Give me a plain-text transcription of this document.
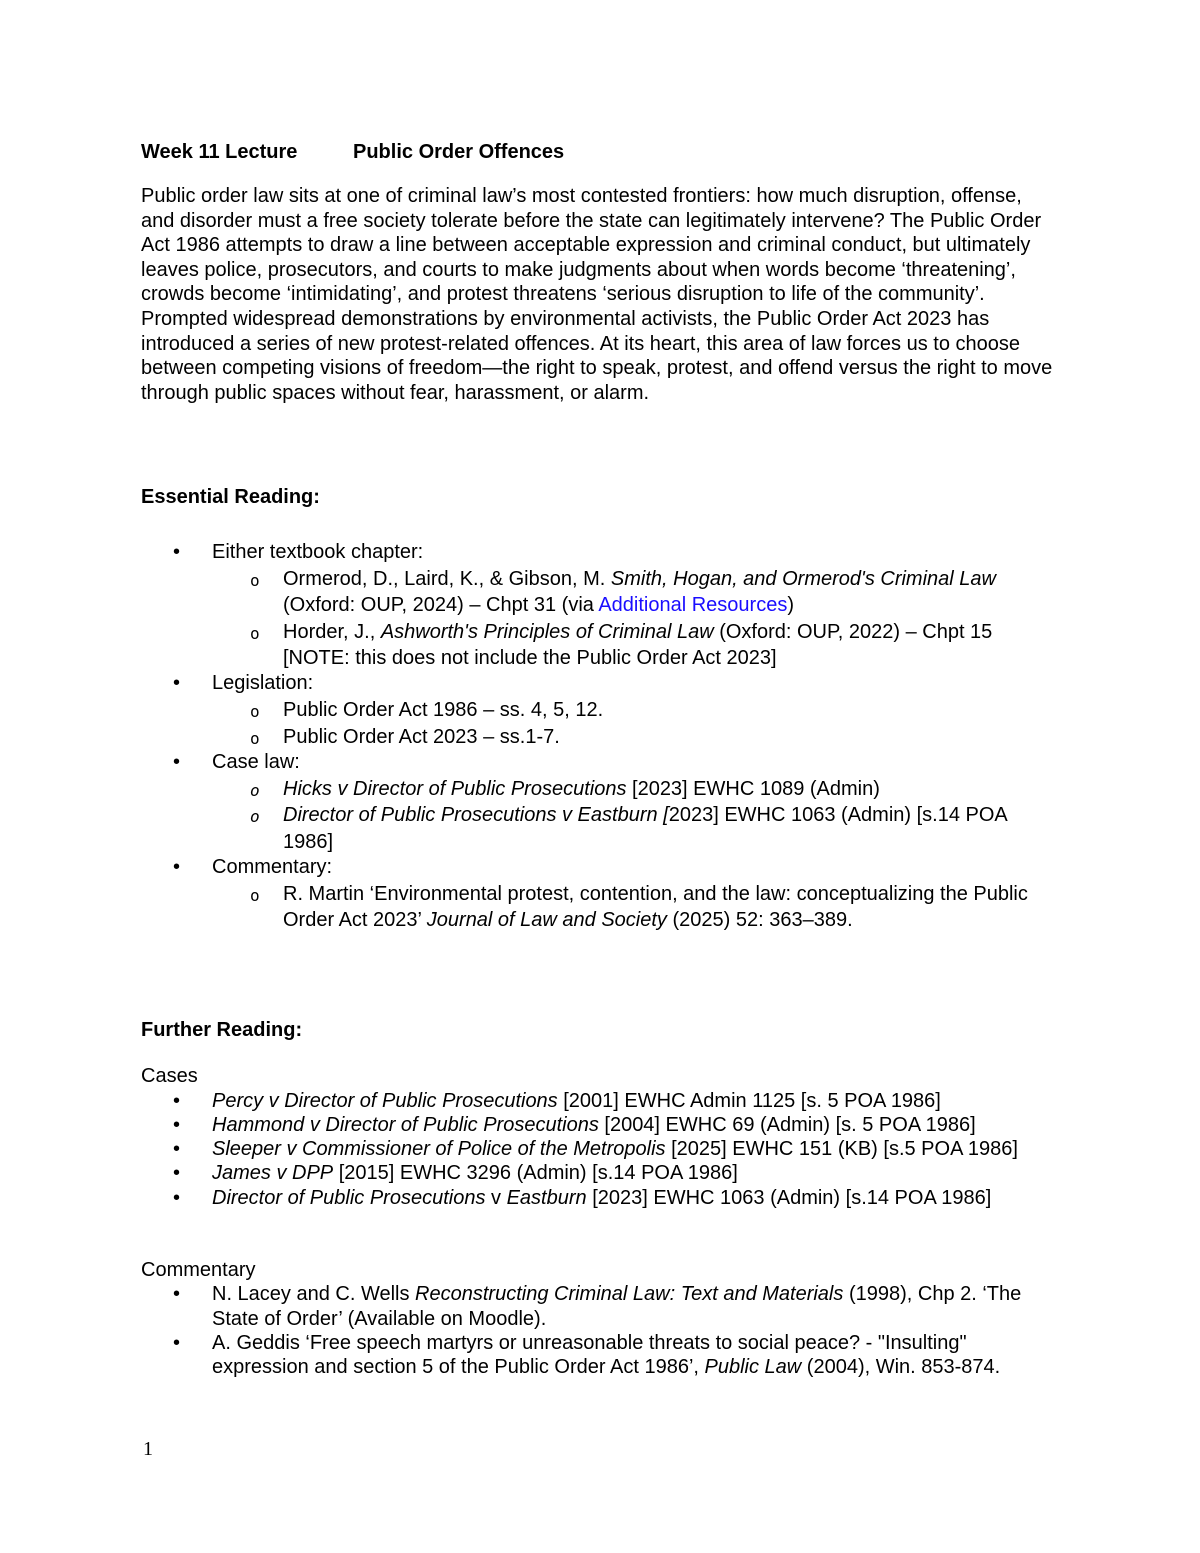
Week 11 Lecture	Public Order Offences

Public order law sits at one of criminal law’s most contested frontiers: how much disruption, offense, and disorder must a free society tolerate before the state can legitimately intervene? The Public Order Act 1986 attempts to draw a line between acceptable expression and criminal conduct, but ultimately leaves police, prosecutors, and courts to make judgments about when words become ‘threatening’, crowds become ‘intimidating’, and protest threatens ‘serious disruption to life of the community’. Prompted widespread demonstrations by environmental activists, the Public Order Act 2023 has introduced a series of new protest-related offences. At its heart, this area of law forces us to choose between competing visions of freedom—the right to speak, protest, and offend versus the right to move through public spaces without fear, harassment, or alarm.

Essential Reading:
• Either textbook chapter:
o Ormerod, D., Laird, K., & Gibson, M. Smith, Hogan, and Ormerod's Criminal Law (Oxford: OUP, 2024) – Chpt 31 (via Additional Resources)
o Horder, J., Ashworth's Principles of Criminal Law (Oxford: OUP, 2022) – Chpt 15 [NOTE: this does not include the Public Order Act 2023]
• Legislation:
o Public Order Act 1986 – ss. 4, 5, 12.
o Public Order Act 2023 – ss.1-7.
• Case law:
o Hicks v Director of Public Prosecutions [2023] EWHC 1089 (Admin)
o Director of Public Prosecutions v Eastburn [2023] EWHC 1063 (Admin) [s.14 POA 1986]
• Commentary:
o R. Martin ‘Environmental protest, contention, and the law: conceptualizing the Public Order Act 2023’ Journal of Law and Society (2025) 52: 363–389.
Further Reading:
Cases
• Percy v Director of Public Prosecutions [2001] EWHC Admin 1125 [s. 5 POA 1986]
• Hammond v Director of Public Prosecutions [2004] EWHC 69 (Admin) [s. 5 POA 1986]
• Sleeper v Commissioner of Police of the Metropolis [2025] EWHC 151 (KB) [s.5 POA 1986]
• James v DPP [2015] EWHC 3296 (Admin) [s.14 POA 1986]
• Director of Public Prosecutions v Eastburn [2023] EWHC 1063 (Admin) [s.14 POA 1986]
Commentary
• N. Lacey and C. Wells Reconstructing Criminal Law: Text and Materials (1998), Chp 2. ‘The State of Order’ (Available on Moodle).
• A. Geddis ‘Free speech martyrs or unreasonable threats to social peace? - "Insulting" expression and section 5 of the Public Order Act 1986’, Public Law (2004), Win. 853-874.
1
